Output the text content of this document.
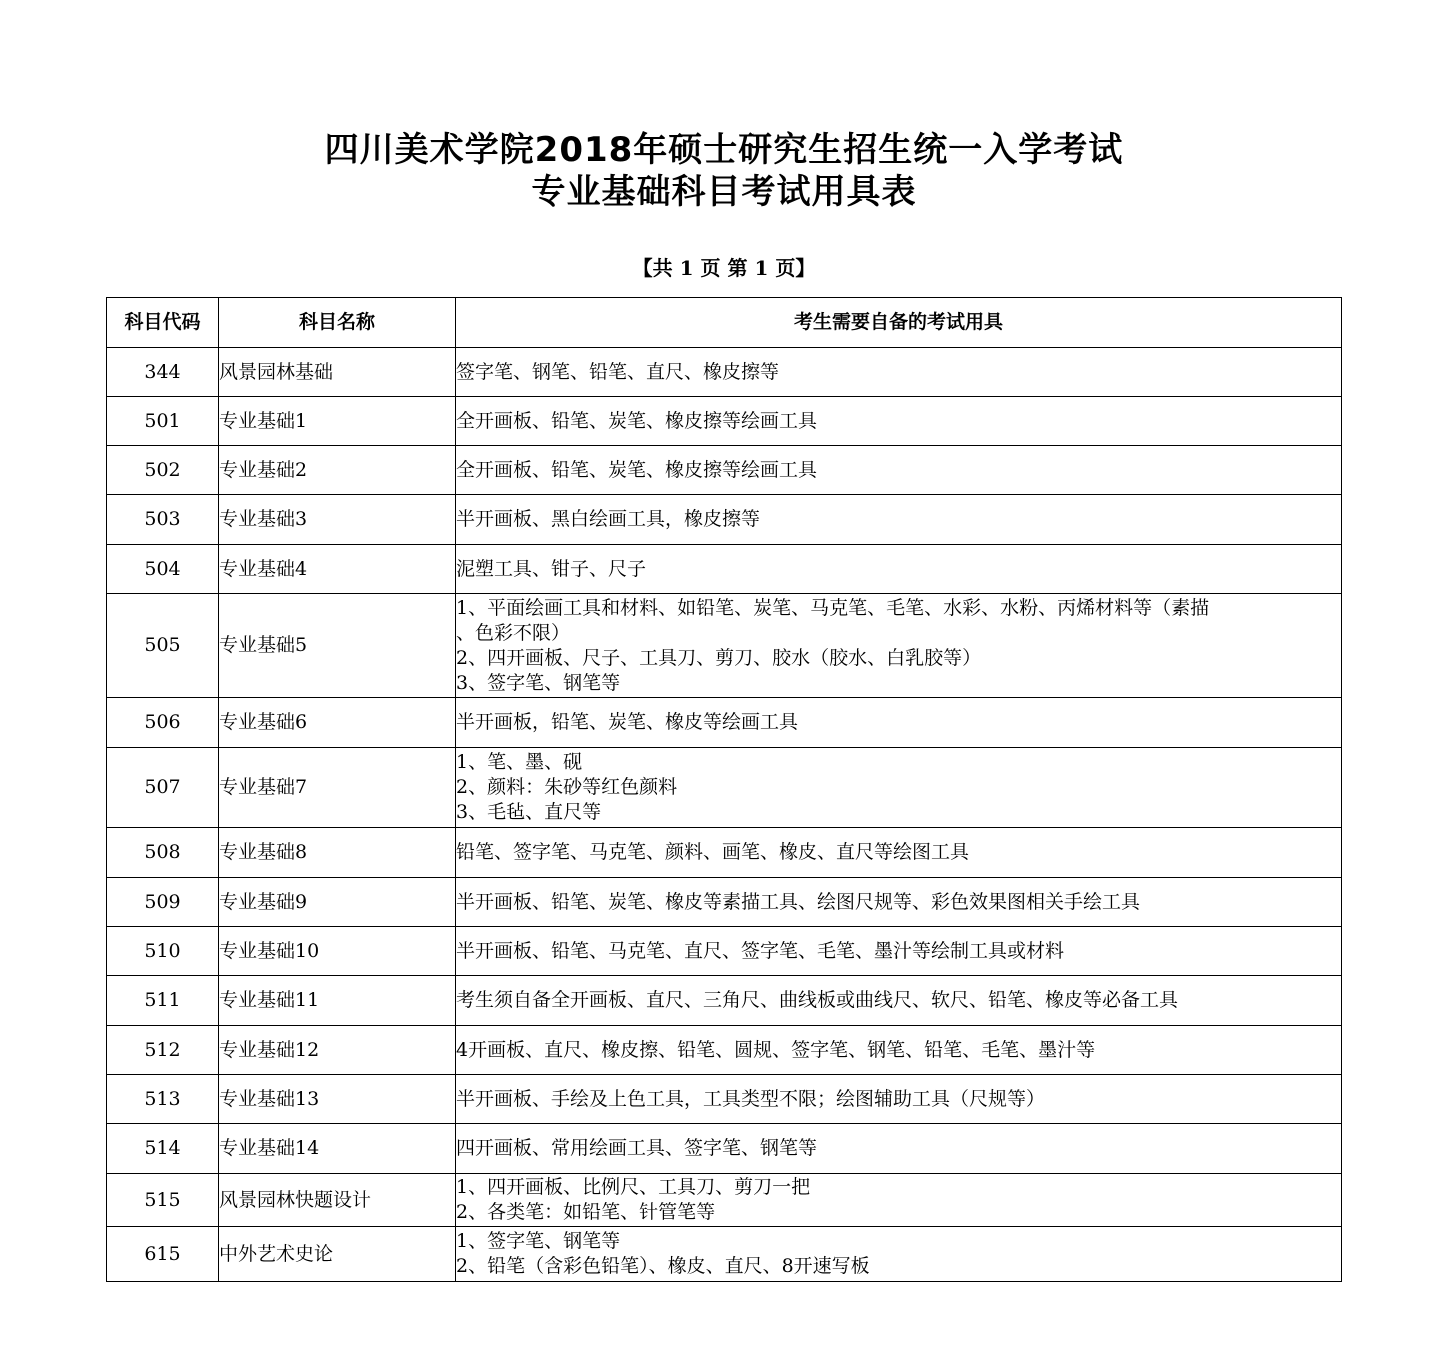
四川美术学院2018年硕士研究生招生统一入学考试
专业基础科目考试用具表
【共 1 页 第 1 页】
科目代码	科目名称	考生需要自备的考试用具
344	风景园林基础	签字笔、钢笔、铅笔、直尺、橡皮擦等

501	专业基础1	全开画板、铅笔、炭笔、橡皮擦等绘画工具

502	专业基础2	全开画板、铅笔、炭笔、橡皮擦等绘画工具

503	专业基础3	半开画板、黑白绘画工具，橡皮擦等

504	专业基础4	泥塑工具、钳子、尺子

505	专业基础5	1、平面绘画工具和材料、如铅笔、炭笔、马克笔、毛笔、水彩、水粉、丙烯材料等（素描
、色彩不限）
2、四开画板、尺子、工具刀、剪刀、胶水（胶水、白乳胶等）
3、签字笔、钢笔等

506	专业基础6	半开画板，铅笔、炭笔、橡皮等绘画工具

507	专业基础7	1、笔、墨、砚
2、颜料：朱砂等红色颜料
3、毛毡、直尺等

508	专业基础8	铅笔、签字笔、马克笔、颜料、画笔、橡皮、直尺等绘图工具

509	专业基础9	半开画板、铅笔、炭笔、橡皮等素描工具、绘图尺规等、彩色效果图相关手绘工具

510	专业基础10	半开画板、铅笔、马克笔、直尺、签字笔、毛笔、墨汁等绘制工具或材料

511	专业基础11	考生须自备全开画板、直尺、三角尺、曲线板或曲线尺、软尺、铅笔、橡皮等必备工具

512	专业基础12	4开画板、直尺、橡皮擦、铅笔、圆规、签字笔、钢笔、铅笔、毛笔、墨汁等

513	专业基础13	半开画板、手绘及上色工具，工具类型不限；绘图辅助工具（尺规等）

514	专业基础14	四开画板、常用绘画工具、签字笔、钢笔等

515	风景园林快题设计	1、四开画板、比例尺、工具刀、剪刀一把
2、各类笔：如铅笔、针管笔等

615	中外艺术史论	1、签字笔、钢笔等
2、铅笔（含彩色铅笔）、橡皮、直尺、8开速写板
